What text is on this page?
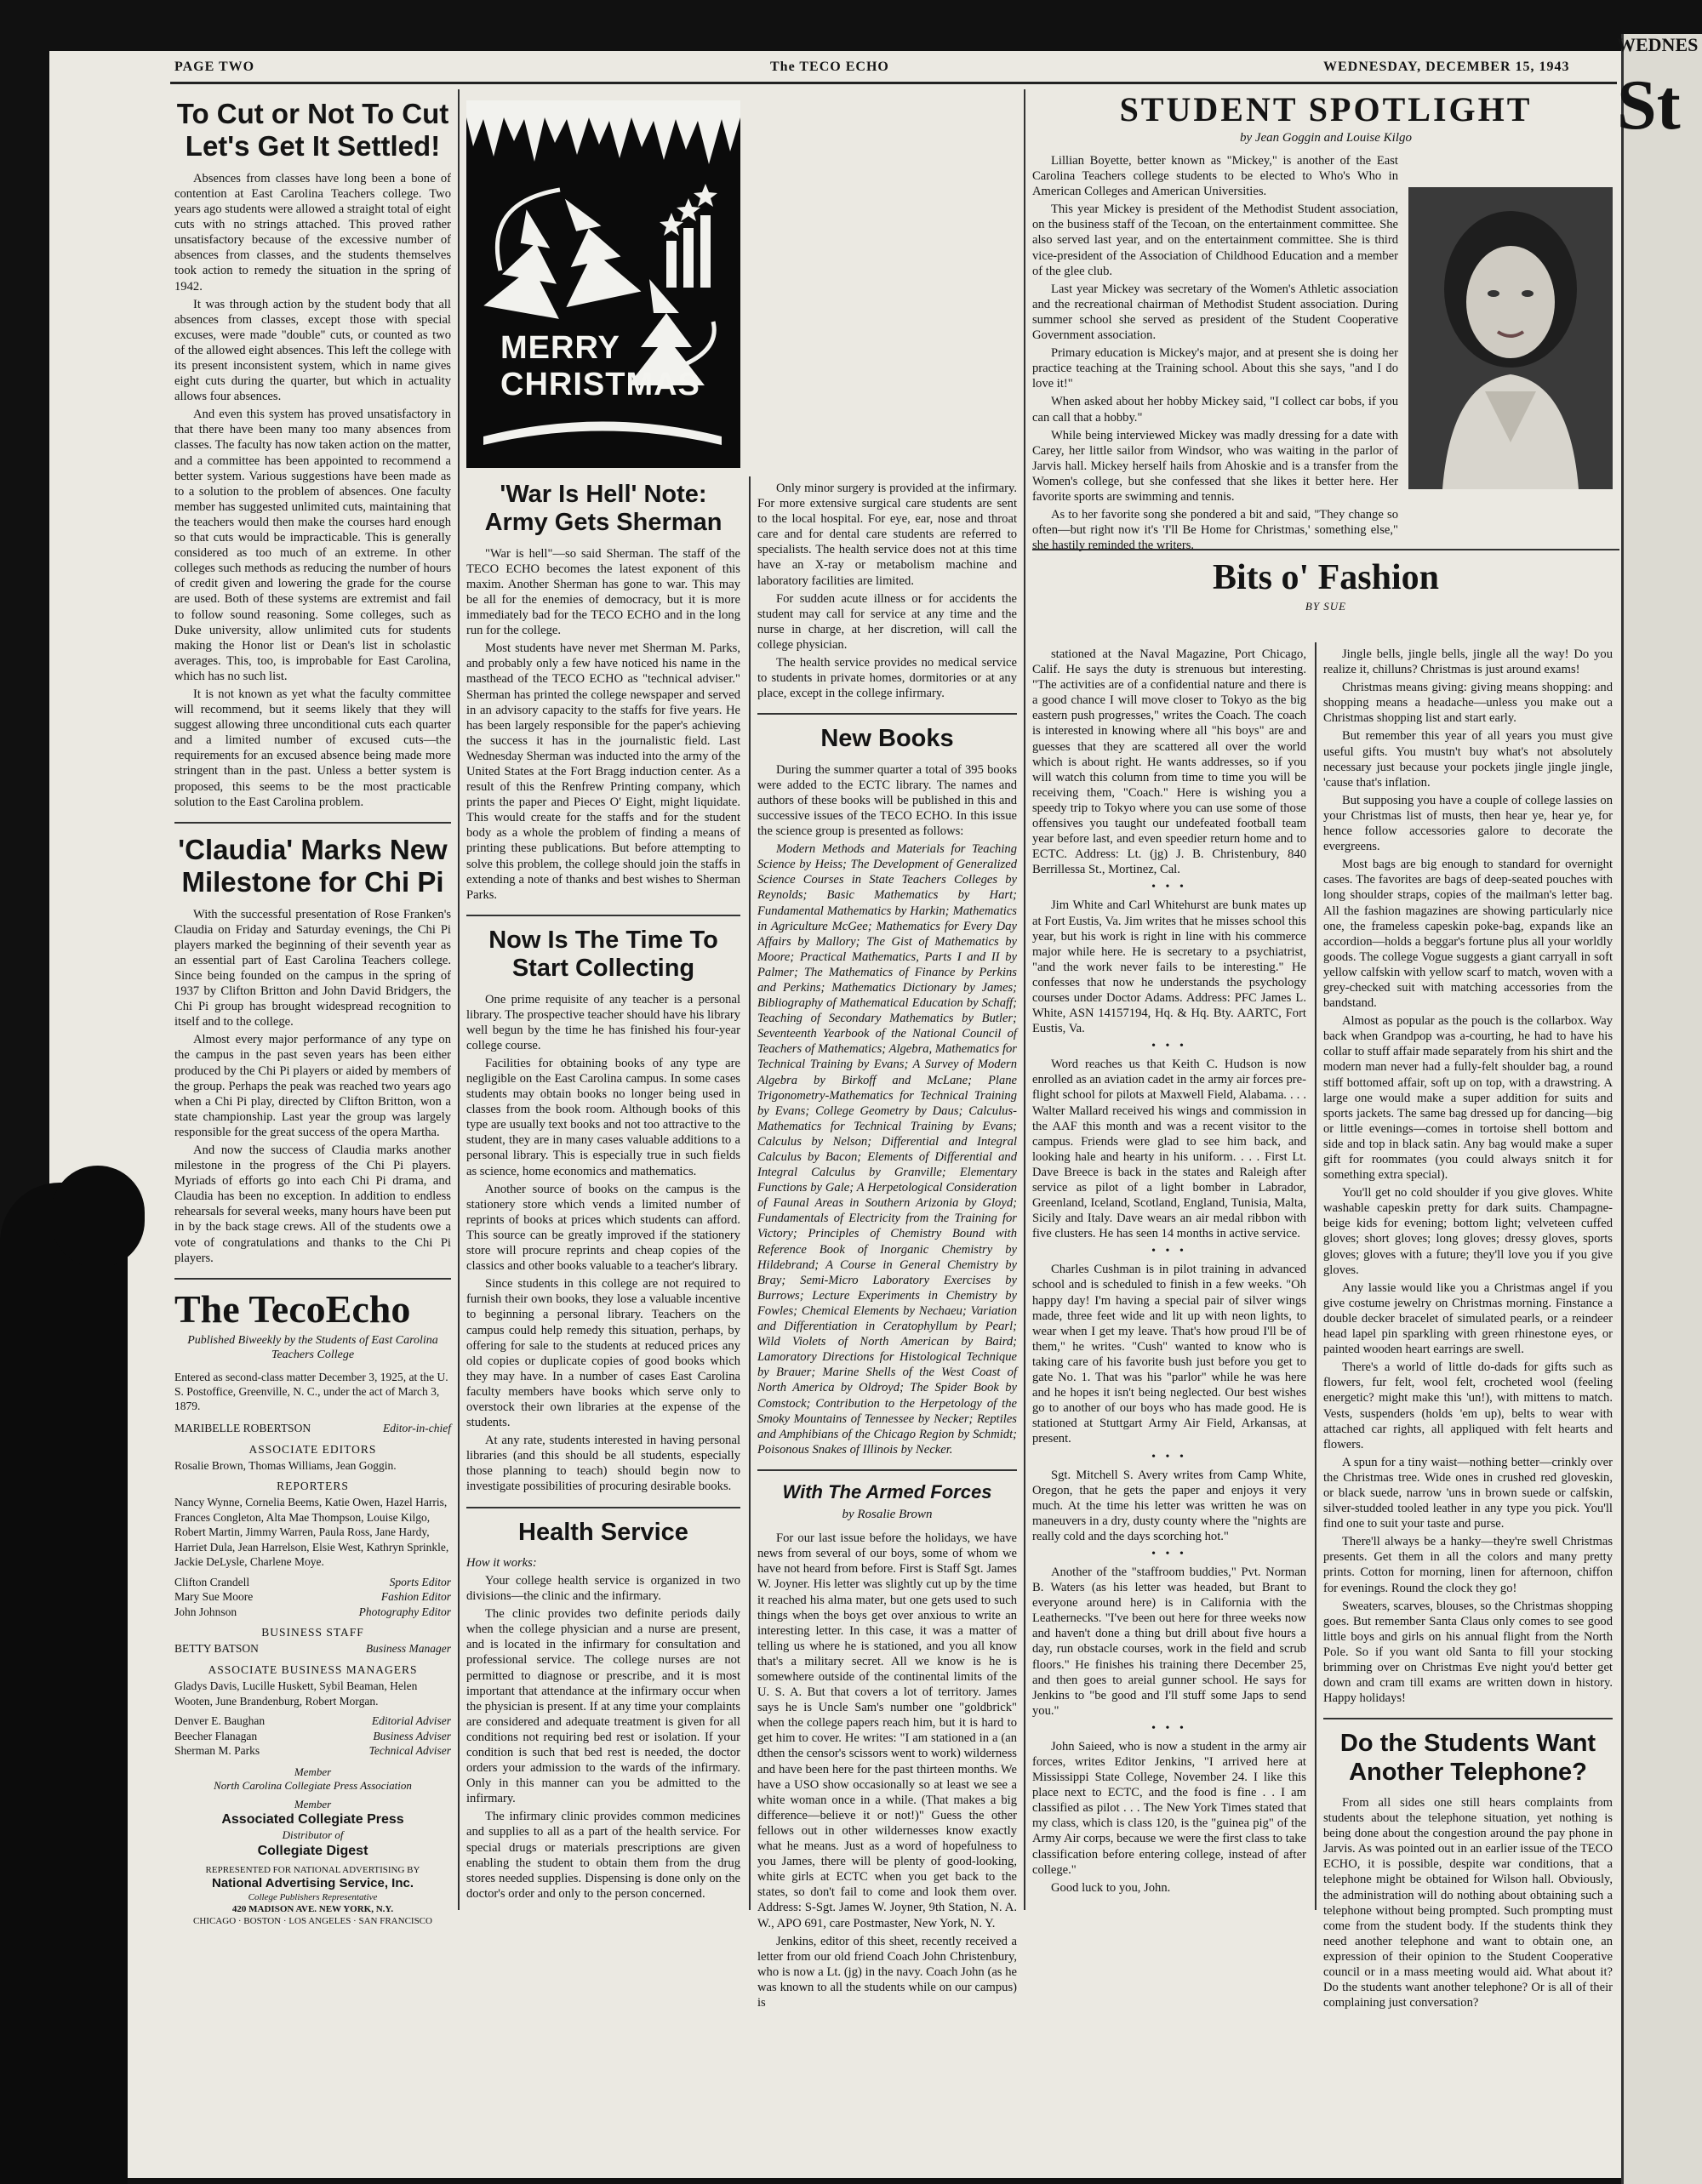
WEDNES
St
PAGE TWO	The TECO ECHO	WEDNESDAY, DECEMBER 15, 1943
To Cut or Not To Cut Let's Get It Settled!

Absences from classes have long been a bone of contention at East Carolina Teachers college. Two years ago students were allowed a straight total of eight cuts with no strings attached. This proved rather unsatisfactory because of the excessive number of absences from classes, and the students themselves took action to remedy the situation in the spring of 1942.

It was through action by the student body that all absences from classes, except those with special excuses, were made "double" cuts, or counted as two of the allowed eight absences. This left the college with its present inconsistent system, which in name gives eight cuts during the quarter, but which in actuality allows four absences.

And even this system has proved unsatisfactory in that there have been many too many absences from classes. The faculty has now taken action on the matter, and a committee has been appointed to recommend a better system. Various suggestions have been made as to a solution to the problem of absences. One faculty member has suggested unlimited cuts, maintaining that the teachers would then make the courses hard enough so that cuts would be impracticable. This is generally considered as too much of an extreme. In other colleges such methods as reducing the number of hours of credit given and lowering the grade for the course are used. Both of these systems are extremist and fail to follow sound reasoning. Some colleges, such as Duke university, allow unlimited cuts for students making the Honor list or Dean's list in scholastic averages. This, too, is improbable for East Carolina, which has no such list.

It is not known as yet what the faculty committee will recommend, but it seems likely that they will suggest allowing three unconditional cuts each quarter and a limited number of excused cuts—the requirements for an excused absence being made more stringent than in the past. Unless a better system is proposed, this seems to be the most practicable solution to the East Carolina problem.

'Claudia' Marks New Milestone for Chi Pi

With the successful presentation of Rose Franken's Claudia on Friday and Saturday evenings, the Chi Pi players marked the beginning of their seventh year as an essential part of East Carolina Teachers college. Since being founded on the campus in the spring of 1937 by Clifton Britton and John David Bridgers, the Chi Pi group has brought widespread recognition to itself and to the college.

Almost every major performance of any type on the campus in the past seven years has been either produced by the Chi Pi players or aided by members of the group. Perhaps the peak was reached two years ago when a Chi Pi play, directed by Clifton Britton, won a state championship. Last year the group was largely responsible for the great success of the opera Martha.

And now the success of Claudia marks another milestone in the progress of the Chi Pi players. Myriads of efforts go into each Chi Pi drama, and Claudia has been no exception. In addition to endless rehearsals for several weeks, many hours have been put in by the back stage crews. All of the students owe a vote of congratulations and thanks to the Chi Pi players.

The TecoEcho
Published Biweekly by the Students of East Carolina Teachers College
Entered as second-class matter December 3, 1925, at the U. S. Postoffice, Greenville, N. C., under the act of March 3, 1879.
MARIBELLE ROBERTSON	Editor-in-chief
ASSOCIATE EDITORS
Rosalie Brown, Thomas Williams, Jean Goggin.
REPORTERS
Nancy Wynne, Cornelia Beems, Katie Owen, Hazel Harris, Frances Congleton, Alta Mae Thompson, Louise Kilgo, Robert Martin, Jimmy Warren, Paula Ross, Jane Hardy, Harriet Dula, Jean Harrelson, Elsie West, Kathryn Sprinkle, Jackie DeLysle, Charlene Moye.
Clifton Crandell	Sports Editor
Mary Sue Moore	Fashion Editor
John Johnson	Photography Editor
BUSINESS STAFF
BETTY BATSON	Business Manager
ASSOCIATE BUSINESS MANAGERS
Gladys Davis, Lucille Huskett, Sybil Beaman, Helen Wooten, June Brandenburg, Robert Morgan.
Denver E. Baughan	Editorial Adviser
Beecher Flanagan	Business Adviser
Sherman M. Parks	Technical Adviser
Member
North Carolina Collegiate Press Association
Member
Associated Collegiate Press
Distributor of
Collegiate Digest
REPRESENTED FOR NATIONAL ADVERTISING BY
National Advertising Service, Inc.
College Publishers Representative
420 MADISON AVE. NEW YORK, N.Y.
CHICAGO · BOSTON · LOS ANGELES · SAN FRANCISCO
MERRY CHRISTMAS
'War Is Hell' Note: Army Gets Sherman

"War is hell"—so said Sherman. The staff of the TECO ECHO becomes the latest exponent of this maxim. Another Sherman has gone to war. This may be all for the enemies of democracy, but it is more immediately bad for the TECO ECHO and in the long run for the college.

Most students have never met Sherman M. Parks, and probably only a few have noticed his name in the masthead of the TECO ECHO as "technical adviser." Sherman has printed the college newspaper and served in an advisory capacity to the staffs for five years. He has been largely responsible for the paper's achieving the success it has in the journalistic field. Last Wednesday Sherman was inducted into the army of the United States at the Fort Bragg induction center. As a result of this the Renfrew Printing company, which prints the paper and Pieces O' Eight, might liquidate. This would create for the staffs and for the student body as a whole the problem of finding a means of printing these publications. But before attempting to solve this problem, the college should join the staffs in extending a note of thanks and best wishes to Sherman Parks.

Now Is The Time To Start Collecting

One prime requisite of any teacher is a personal library. The prospective teacher should have his library well begun by the time he has finished his four-year college course.

Facilities for obtaining books of any type are negligible on the East Carolina campus. In some cases students may obtain books no longer being used in classes from the book room. Although books of this type are usually text books and not too attractive to the student, they are in many cases valuable additions to a personal library. This is especially true in such fields as science, home economics and mathematics.

Another source of books on the campus is the stationery store which vends a limited number of reprints of books at prices which students can afford. This source can be greatly improved if the stationery store will procure reprints and cheap copies of the classics and other books valuable to a teacher's library.

Since students in this college are not required to furnish their own books, they lose a valuable incentive to beginning a personal library. Teachers on the campus could help remedy this situation, perhaps, by offering for sale to the students at reduced prices any old copies or duplicate copies of good books which they may have. In a number of cases East Carolina faculty members have books which serve only to overstock their own libraries at the expense of the students.

At any rate, students interested in having personal libraries (and this should be all students, especially those planning to teach) should begin now to investigate possibilities of procuring desirable books.

Health Service

How it works:

Your college health service is organized in two divisions—the clinic and the infirmary.

The clinic provides two definite periods daily when the college physician and a nurse are present, and is located in the infirmary for consultation and professional service. The college nurses are not permitted to diagnose or prescribe, and it is most important that attendance at the infirmary occur when the physician is present. If at any time your complaints are considered and adequate treatment is given for all conditions not requiring bed rest or isolation. If your condition is such that bed rest is needed, the doctor orders your admission to the wards of the infirmary. Only in this manner can you be admitted to the infirmary.

The infirmary clinic provides common medicines and supplies to all as a part of the health service. For special drugs or materials prescriptions are given enabling the student to obtain them from the drug stores needed supplies. Dispensing is done only on the doctor's order and only to the person concerned.

Only minor surgery is provided at the infirmary. For more extensive surgical care students are sent to the local hospital. For eye, ear, nose and throat care and for dental care students are referred to specialists. The health service does not at this time have an X-ray or metabolism machine and laboratory facilities are limited.

For sudden acute illness or for accidents the student may call for service at any time and the nurse in charge, at her discretion, will call the college physician.

The health service provides no medical service to students in private homes, dormitories or at any place, except in the college infirmary.

New Books

During the summer quarter a total of 395 books were added to the ECTC library. The names and authors of these books will be published in this and successive issues of the TECO ECHO. In this issue the science group is presented as follows:

Modern Methods and Materials for Teaching Science by Heiss; The Development of Generalized Science Courses in State Teachers Colleges by Reynolds; Basic Mathematics by Hart; Fundamental Mathematics by Harkin; Mathematics in Agriculture McGee; Mathematics for Every Day Affairs by Mallory; The Gist of Mathematics by Moore; Practical Mathematics, Parts I and II by Palmer; The Mathematics of Finance by Perkins and Perkins; Mathematics Dictionary by James; Bibliography of Mathematical Education by Schaff; Teaching of Secondary Mathematics by Butler; Seventeenth Yearbook of the National Council of Teachers of Mathematics; Algebra, Mathematics for Technical Training by Evans; A Survey of Modern Algebra by Birkoff and McLane; Plane Trigonometry-Mathematics for Technical Training by Evans; College Geometry by Daus; Calculus-Mathematics for Technical Training by Evans; Calculus by Nelson; Differential and Integral Calculus by Bacon; Elements of Differential and Integral Calculus by Granville; Elementary Functions by Gale; A Herpetological Consideration of Faunal Areas in Southern Arizonia by Gloyd; Fundamentals of Electricity from the Training for Victory; Principles of Chemistry Bound with Reference Book of Inorganic Chemistry by Hildebrand; A Course in General Chemistry by Bray; Semi-Micro Laboratory Exercises by Burrows; Lecture Experiments in Chemistry by Fowles; Chemical Elements by Nechaeu; Variation and Differentiation in Ceratophyllum by Pearl; Wild Violets of North American by Baird; Lamoratory Directions for Histological Technique by Brauer; Marine Shells of the West Coast of North America by Oldroyd; The Spider Book by Comstock; Contribution to the Herpetology of the Smoky Mountains of Tennessee by Necker; Reptiles and Amphibians of the Chicago Region by Schmidt; Poisonous Snakes of Illinois by Necker.

With The Armed Forces
by Rosalie Brown

For our last issue before the holidays, we have news from several of our boys, some of whom we have not heard from before. First is Staff Sgt. James W. Joyner. His letter was slightly cut up by the time it reached his alma mater, but one gets used to such things when the boys get over anxious to write an interesting letter. In this case, it was a matter of telling us where he is stationed, and you all know that's a military secret. All we know is he is somewhere outside of the continental limits of the U. S. A. But that covers a lot of territory. James says he is Uncle Sam's number one "goldbrick" when the college papers reach him, but it is hard to get him to cover. He writes: "I am stationed in a (an dthen the censor's scissors went to work) wilderness and have been here for the past thirteen months. We have a USO show occasionally so at least we see a white woman once in a while. (That makes a big difference—believe it or not!)" Guess the other fellows out in other wildernesses know exactly what he means. Just as a word of hopefulness to you James, there will be plenty of good-looking, white girls at ECTC when you get back to the states, so don't fail to come and look them over. Address: S-Sgt. James W. Joyner, 9th Station, N. A. W., APO 691, care Postmaster, New York, N. Y.

Jenkins, editor of this sheet, recently received a letter from our old friend Coach John Christenbury, who is now a Lt. (jg) in the navy. Coach John (as he was known to all the students while on our campus) is

STUDENT SPOTLIGHT
by Jean Goggin and Louise Kilgo

Lillian Boyette, better known as "Mickey," is another of the East Carolina Teachers college students to be elected to Who's Who in American Colleges and American Universities.

This year Mickey is president of the Methodist Student association, on the business staff of the Tecoan, on the entertainment committee. She also served last year, and on the entertainment committee. She is third vice-president of the Association of Childhood Education and a member of the glee club.

Last year Mickey was secretary of the Women's Athletic association and the recreational chairman of Methodist Student association. During summer school she served as president of the Student Cooperative Government association.

Primary education is Mickey's major, and at present she is doing her practice teaching at the Training school. About this she says, "and I do love it!"

When asked about her hobby Mickey said, "I collect car bobs, if you can call that a hobby."

While being interviewed Mickey was madly dressing for a date with Carey, her little sailor from Windsor, who was waiting in the parlor of Jarvis hall. Mickey herself hails from Ahoskie and is a transfer from the Women's college, but she confessed that she likes it better here. Her favorite sports are swimming and tennis.

As to her favorite song she pondered a bit and said, "They change so often—but right now it's 'I'll Be Home for Christmas,' something else," she hastily reminded the writers.

Bits o' Fashion
BY SUE

stationed at the Naval Magazine, Port Chicago, Calif. He says the duty is strenuous but interesting. "The activities are of a confidential nature and there is a good chance I will move closer to Tokyo as the big eastern push progresses," writes the Coach. The coach is interested in knowing where all "his boys" are and guesses that they are scattered all over the world which is about right. He wants addresses, so if you will watch this column from time to time you will be receiving them, "Coach." Here is wishing you a speedy trip to Tokyo where you can use some of those offensives you taught our undefeated football team year before last, and even speedier return home and to ECTC. Address: Lt. (jg) J. B. Christenbury, 840 Berrillessa St., Mortinez, Cal.

• • •

Jim White and Carl Whitehurst are bunk mates up at Fort Eustis, Va. Jim writes that he misses school this year, but his work is right in line with his commerce major while here. He is secretary to a psychiatrist, "and the work never fails to be interesting." He confesses that now he understands the psychology courses under Doctor Adams. Address: PFC James L. White, ASN 14157194, Hq. & Hq. Bty. AARTC, Fort Eustis, Va.

• • •

Word reaches us that Keith C. Hudson is now enrolled as an aviation cadet in the army air forces pre-flight school for pilots at Maxwell Field, Alabama. . . . Walter Mallard received his wings and commission in the AAF this month and was a recent visitor to the campus. Friends were glad to see him back, and looking hale and hearty in his uniform. . . . First Lt. Dave Breece is back in the states and Raleigh after service as pilot of a light bomber in Labrador, Greenland, Iceland, Scotland, England, Tunisia, Malta, Sicily and Italy. Dave wears an air medal ribbon with five clusters. He has seen 14 months in active service.

• • •

Charles Cushman is in pilot training in advanced school and is scheduled to finish in a few weeks. "Oh happy day! I'm having a special pair of silver wings made, three feet wide and lit up with neon lights, to wear when I get my leave. That's how proud I'll be of them," he writes. "Cush" wanted to know who is taking care of his favorite bush just before you get to gate No. 1. That was his "parlor" while he was here and he hopes it isn't being neglected. Our best wishes go to another of our boys who has made good. He is stationed at Stuttgart Army Air Field, Arkansas, at present.

• • •

Sgt. Mitchell S. Avery writes from Camp White, Oregon, that he gets the paper and enjoys it very much. At the time his letter was written he was on maneuvers in a dry, dusty county where the "nights are really cold and the days scorching hot."

• • •

Another of the "staffroom buddies," Pvt. Norman B. Waters (as his letter was headed, but Brant to everyone around here) is in California with the Leathernecks. "I've been out here for three weeks now and haven't done a thing but drill about five hours a day, run obstacle courses, work in the field and scrub floors." He finishes his training there December 25, and then goes to areial gunner school. He says for Jenkins to "be good and I'll stuff some Japs to send you."

• • •

John Saieed, who is now a student in the army air forces, writes Editor Jenkins, "I arrived here at Mississippi State College, November 24. I like this place next to ECTC, and the food is fine . . I am classified as pilot . . . The New York Times stated that my class, which is class 120, is the "guinea pig" of the Army Air corps, because we were the first class to take classification before entering college, instead of after college."

Good luck to you, John.

Jingle bells, jingle bells, jingle all the way! Do you realize it, chilluns? Christmas is just around exams!

Christmas means giving: giving means shopping: and shopping means a headache—unless you make out a Christmas shopping list and start early.

But remember this year of all years you must give useful gifts. You mustn't buy what's not absolutely necessary just because your pockets jingle jingle jingle, 'cause that's inflation.

But supposing you have a couple of college lassies on your Christmas list of musts, then hear ye, hear ye, for hence follow accessories galore to decorate the evergreens.

Most bags are big enough to standard for overnight cases. The favorites are bags of deep-seated pouches with long shoulder straps, copies of the mailman's letter bag. All the fashion magazines are showing particularly nice one, the frameless capeskin poke-bag, expands like an accordion—holds a beggar's fortune plus all your worldly goods. The college Vogue suggests a giant carryall in soft yellow calfskin with yellow scarf to match, woven with a grey-checked suit with matching accessories from the bandstand.

Almost as popular as the pouch is the collarbox. Way back when Grandpop was a-courting, he had to have his collar to stuff affair made separately from his shirt and the modern man never had a fully-felt shoulder bag, a round stiff bottomed affair, soft up on top, with a drawstring. A large one would make a super addition for suits and sports jackets. The same bag dressed up for dancing—big or little evenings—comes in tortoise shell bottom and side and top in black satin. Any bag would make a super gift for roommates (you could always snitch it for something extra special).

You'll get no cold shoulder if you give gloves. White washable capeskin pretty for dark suits. Champagne-beige kids for evening; bottom light; velveteen cuffed gloves; short gloves; long gloves; dressy gloves, sports gloves; gloves with a future; they'll love you if you give gloves.

Any lassie would like you a Christmas angel if you give costume jewelry on Christmas morning. Finstance a double decker bracelet of simulated pearls, or a reindeer head lapel pin sparkling with green rhinestone eyes, or painted wooden heart earrings are swell.

There's a world of little do-dads for gifts such as flowers, fur felt, wool felt, crocheted wool (feeling energetic? might make this 'un!), with mittens to match. Vests, suspenders (holds 'em up), belts to wear with attached car rights, all appliqued with felt hearts and flowers.

A spun for a tiny waist—nothing better—crinkly over the Christmas tree. Wide ones in crushed red gloveskin, or black suede, narrow 'uns in brown suede or calfskin, silver-studded tooled leather in any type you pick. You'll find one to suit your taste and purse.

There'll always be a hanky—they're swell Christmas presents. Get them in all the colors and many pretty prints. Cotton for morning, linen for afternoon, chiffon for evenings. Round the clock they go!

Sweaters, scarves, blouses, so the Christmas shopping goes. But remember Santa Claus only comes to see good little boys and girls on his annual flight from the North Pole. So if you want old Santa to fill your stocking brimming over on Christmas Eve night you'd better get down and cram till exams are written down in history. Happy holidays!

Do the Students Want Another Telephone?

From all sides one still hears complaints from students about the telephone situation, yet nothing is being done about the congestion around the pay phone in Jarvis. As was pointed out in an earlier issue of the TECO ECHO, it is possible, despite war conditions, that a telephone might be obtained for Wilson hall. Obviously, the administration will do nothing about obtaining such a telephone without being prompted. Such prompting must come from the student body. If the students think they need another telephone and want to obtain one, an expression of their opinion to the Student Cooperative council or in a mass meeting would aid. What about it? Do the students want another telephone? Or is all of their complaining just conversation?
